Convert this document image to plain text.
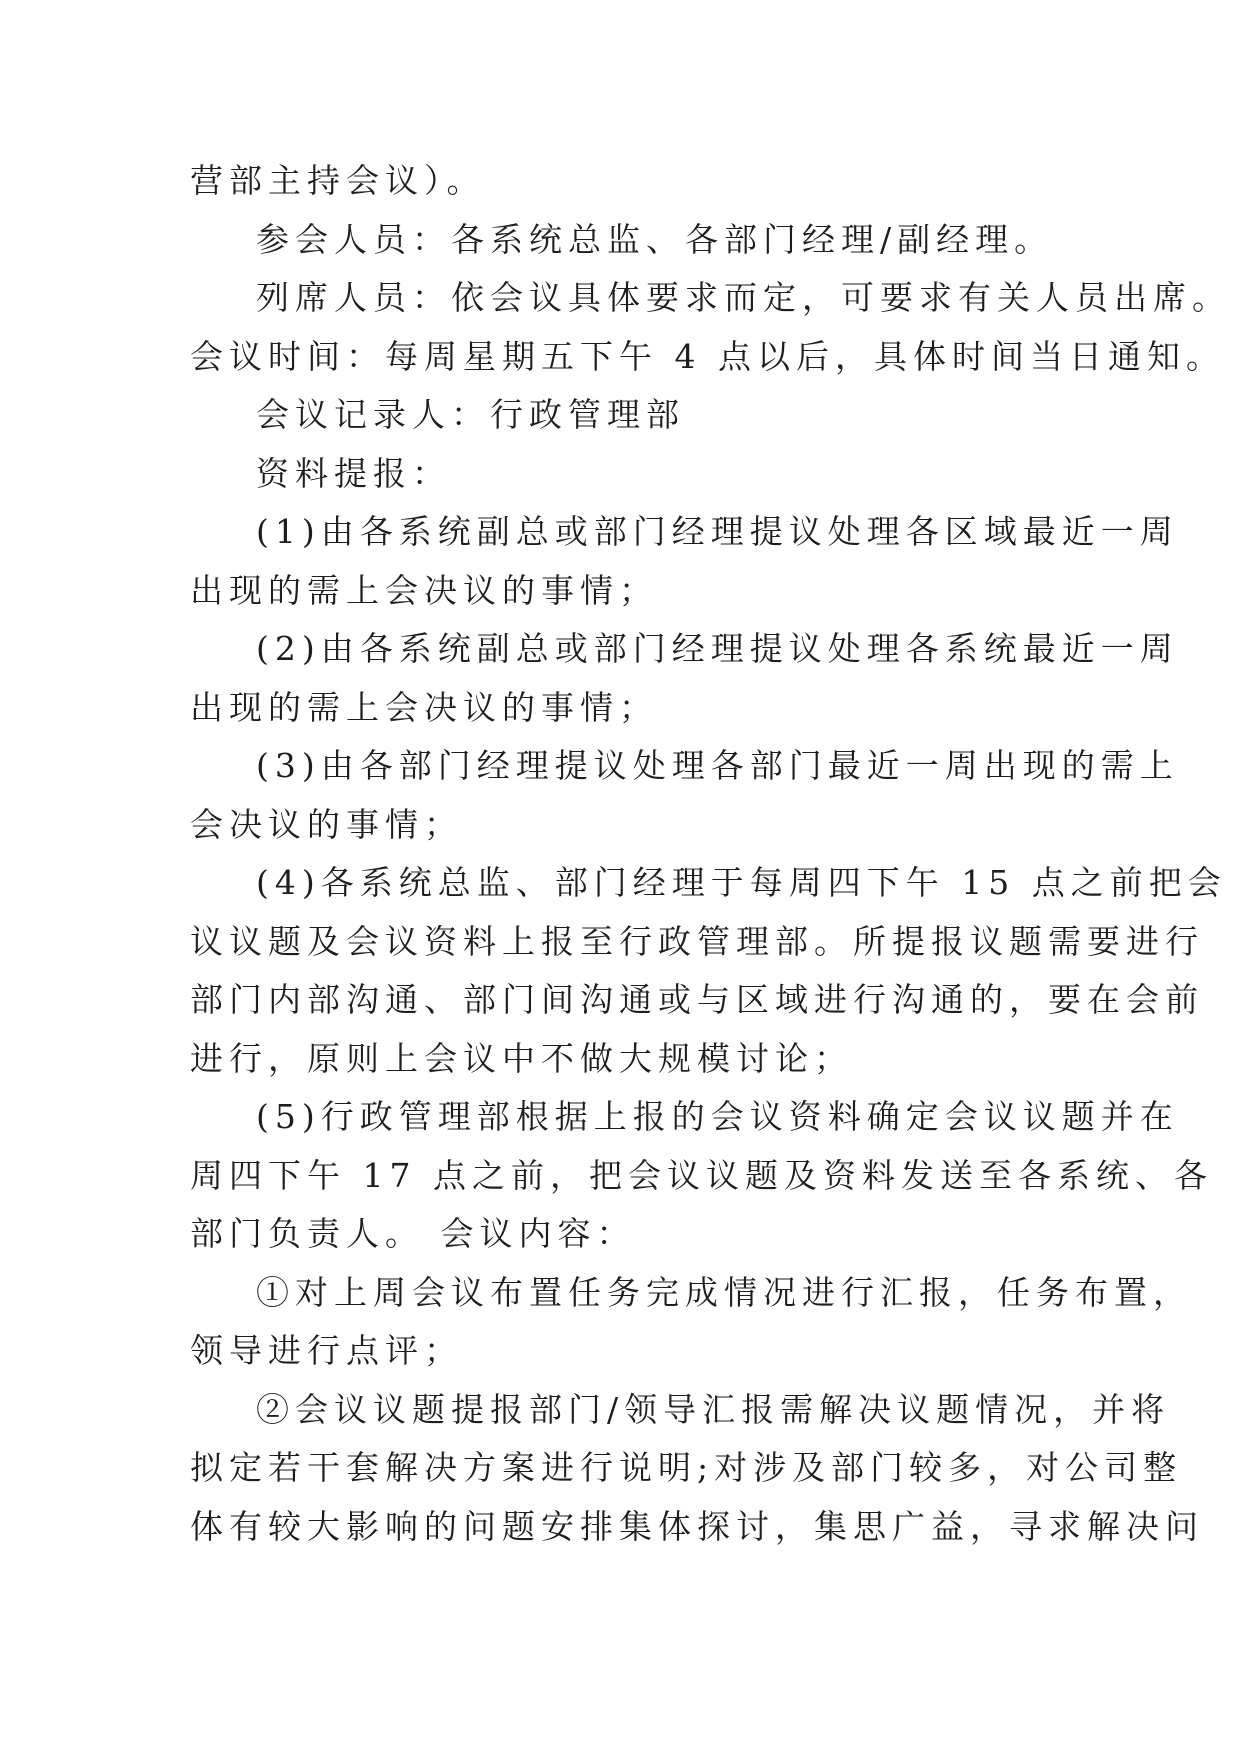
营部主持会议）。
参会人员：各系统总监、各部门经理/副经理。
列席人员：依会议具体要求而定，可要求有关人员出席。
会议时间：每周星期五下午 4 点以后，具体时间当日通知。
会议记录人：行政管理部
资料提报：
(1)由各系统副总或部门经理提议处理各区域最近一周
出现的需上会决议的事情；
(2)由各系统副总或部门经理提议处理各系统最近一周
出现的需上会决议的事情；
(3)由各部门经理提议处理各部门最近一周出现的需上
会决议的事情；
(4)各系统总监、部门经理于每周四下午 15 点之前把会
议议题及会议资料上报至行政管理部。所提报议题需要进行
部门内部沟通、部门间沟通或与区域进行沟通的，要在会前
进行，原则上会议中不做大规模讨论；
(5)行政管理部根据上报的会议资料确定会议议题并在
周四下午 17 点之前，把会议议题及资料发送至各系统、各
部门负责人。 会议内容：
①对上周会议布置任务完成情况进行汇报，任务布置，
领导进行点评；
②会议议题提报部门/领导汇报需解决议题情况，并将
拟定若干套解决方案进行说明;对涉及部门较多，对公司整
体有较大影响的问题安排集体探讨，集思广益，寻求解决问
